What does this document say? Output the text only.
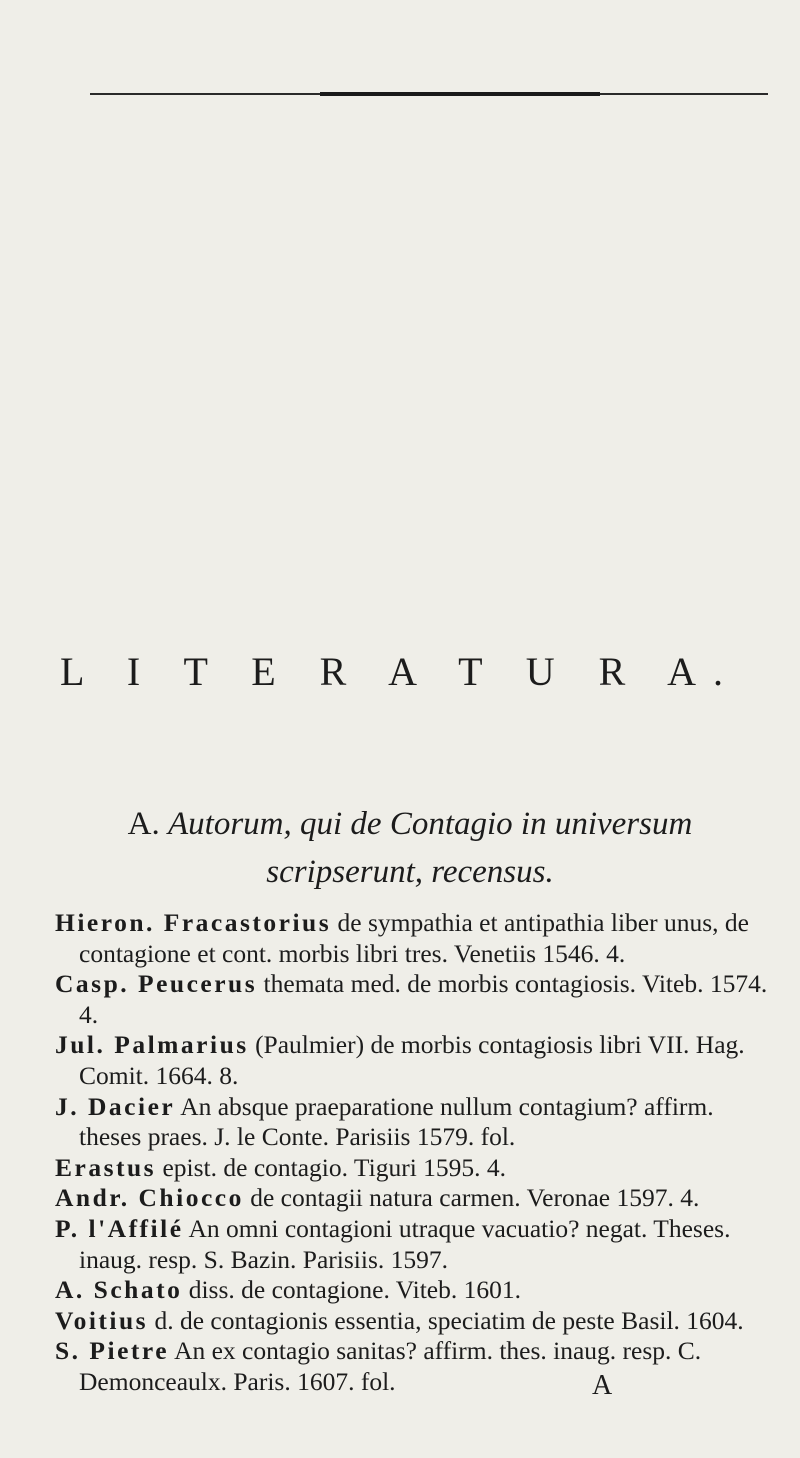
L I T E R A T U R A.
A. Autorum, qui de Contagio in universum scripserunt, recensus.
Hieron. Fracastorius de sympathia et antipathia liber unus, de contagione et cont. morbis libri tres. Venetiis 1546. 4.
Casp. Peucerus themata med. de morbis contagiosis. Viteb. 1574. 4.
Jul. Palmarius (Paulmier) de morbis contagiosis libri VII. Hag. Comit. 1664. 8.
J. Dacier An absque praeparatione nullum contagium? affirm. theses praes. J. le Conte. Parisiis 1579. fol.
Erastus epist. de contagio. Tiguri 1595. 4.
Andr. Chiocco de contagii natura carmen. Veronae 1597. 4.
P. l'Affilé An omni contagioni utraque vacuatio? negat. Theses. inaug. resp. S. Bazin. Parisiis. 1597.
A. Schato diss. de contagione. Viteb. 1601.
Voitius d. de contagionis essentia, speciatim de peste Basil. 1604.
S. Pietre An ex contagio sanitas? affirm. thes. inaug. resp. C. Demonceaulx. Paris. 1607. fol.	A
